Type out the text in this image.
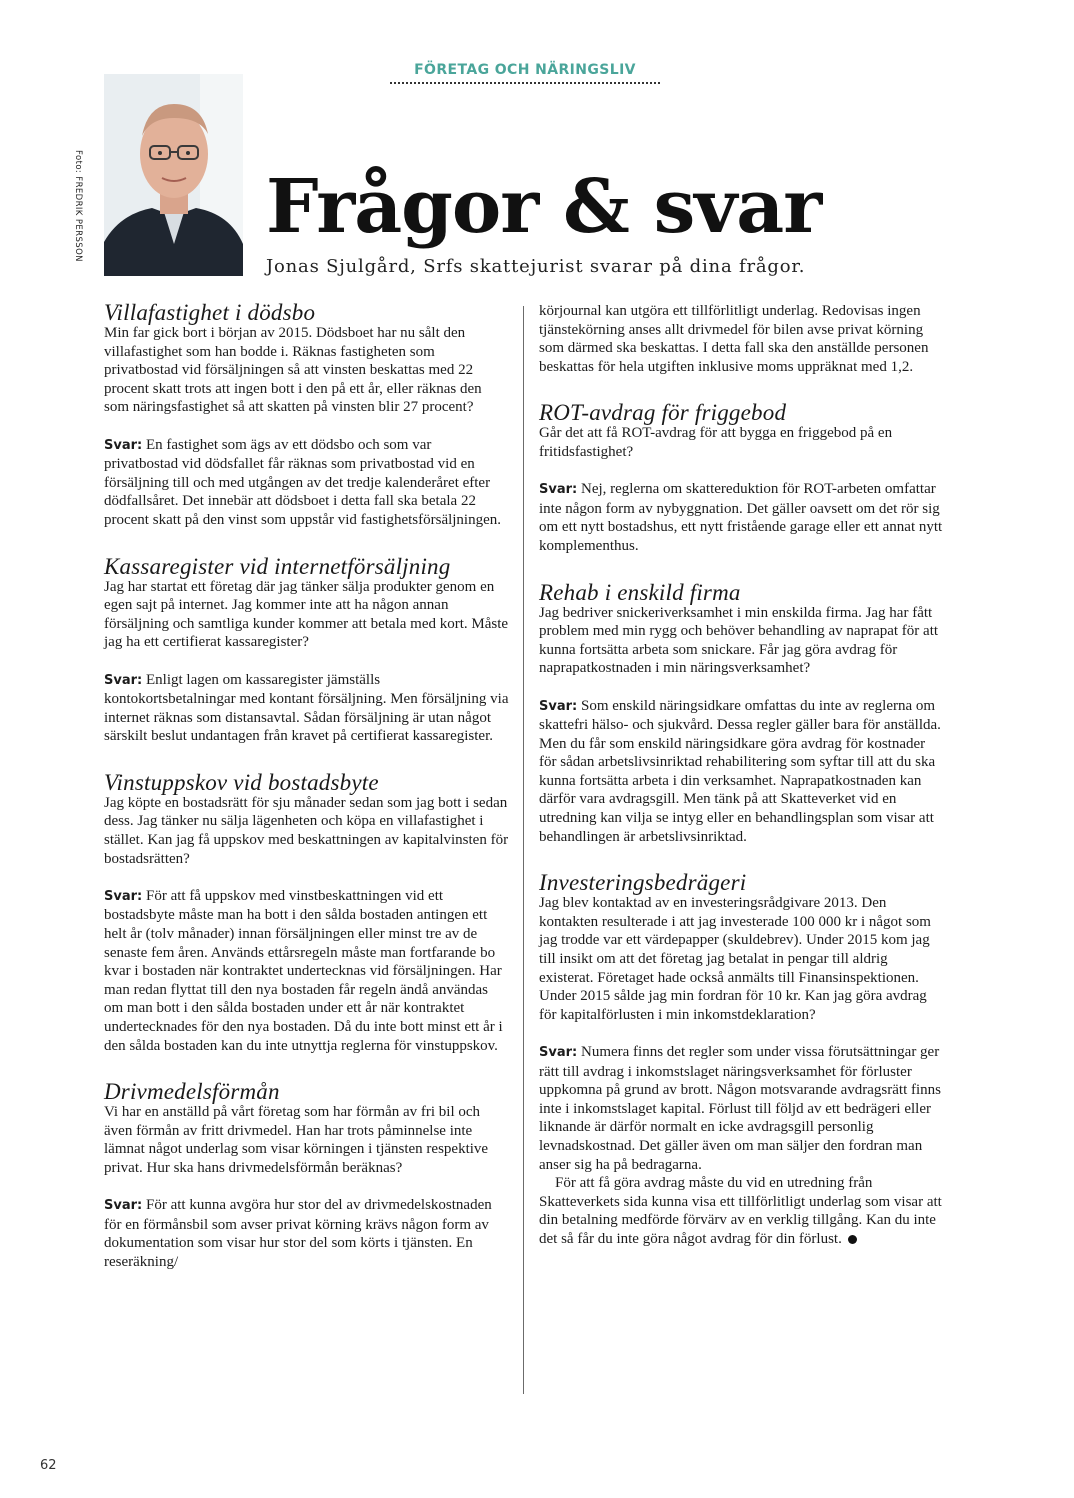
FÖRETAG OCH NÄRINGSLIV
Foto: FREDRIK PERSSON Frågor & svar
Jonas Sjulgård, Srfs skattejurist svarar på dina frågor.
Villafastighet i dödsbo

Min far gick bort i början av 2015. Dödsboet har nu sålt den villafastighet som han bodde i. Räknas fastigheten som privatbostad vid försäljningen så att vinsten beskattas med 22 procent skatt trots att ingen bott i den på ett år, eller räknas den som näringsfastighet så att skatten på vinsten blir 27 procent?

Svar: En fastighet som ägs av ett dödsbo och som var privatbostad vid dödsfallet får räknas som privatbostad vid en försäljning till och med utgången av det tredje kalenderåret efter dödfallsåret. Det innebär att dödsboet i detta fall ska betala 22 procent skatt på den vinst som uppstår vid fastighetsförsäljningen.

Kassaregister vid internetförsäljning

Jag har startat ett företag där jag tänker sälja produkter genom en egen sajt på internet. Jag kommer inte att ha någon annan försäljning och samtliga kunder kommer att betala med kort. Måste jag ha ett certifierat kassaregister?

Svar: Enligt lagen om kassaregister jämställs kontokortsbetalningar med kontant försäljning. Men försäljning via internet räknas som distansavtal. Sådan försäljning är utan något särskilt beslut undantagen från kravet på certifierat kassaregister.

Vinstuppskov vid bostadsbyte

Jag köpte en bostadsrätt för sju månader sedan som jag bott i sedan dess. Jag tänker nu sälja lägenheten och köpa en villafastighet i stället. Kan jag få uppskov med beskattningen av kapitalvinsten för bostadsrätten?

Svar: För att få uppskov med vinstbeskattningen vid ett bostadsbyte måste man ha bott i den sålda bostaden antingen ett helt år (tolv månader) innan försäljningen eller minst tre av de senaste fem åren. Används ettårsregeln måste man fortfarande bo kvar i bostaden när kontraktet undertecknas vid försäljningen. Har man redan flyttat till den nya bostaden får regeln ändå användas om man bott i den sålda bostaden under ett år när kontraktet undertecknades för den nya bostaden. Då du inte bott minst ett år i den sålda bostaden kan du inte utnyttja reglerna för vinstuppskov.

Drivmedelsförmån

Vi har en anställd på vårt företag som har förmån av fri bil och även förmån av fritt drivmedel. Han har trots påminnelse inte lämnat något underlag som visar körningen i tjänsten respektive privat. Hur ska hans drivmedelsförmån beräknas?

Svar: För att kunna avgöra hur stor del av drivmedelskostnaden för en förmånsbil som avser privat körning krävs någon form av dokumentation som visar hur stor del som körts i tjänsten. En reseräkning/

körjournal kan utgöra ett tillförlitligt underlag. Redovisas ingen tjänstekörning anses allt drivmedel för bilen avse privat körning som därmed ska beskattas. I detta fall ska den anställde personen beskattas för hela utgiften inklusive moms uppräknat med 1,2.

ROT-avdrag för friggebod

Går det att få ROT-avdrag för att bygga en friggebod på en fritidsfastighet?

Svar: Nej, reglerna om skattereduktion för ROT-arbeten omfattar inte någon form av nybyggnation. Det gäller oavsett om det rör sig om ett nytt bostadshus, ett nytt fristående garage eller ett annat nytt komplementhus.

Rehab i enskild firma

Jag bedriver snickeriverksamhet i min enskilda firma. Jag har fått problem med min rygg och behöver behandling av naprapat för att kunna fortsätta arbeta som snickare. Får jag göra avdrag för naprapatkostnaden i min näringsverksamhet?

Svar: Som enskild näringsidkare omfattas du inte av reglerna om skattefri hälso- och sjukvård. Dessa regler gäller bara för anställda. Men du får som enskild näringsidkare göra avdrag för kostnader för sådan arbetslivsinriktad rehabilitering som syftar till att du ska kunna fortsätta arbeta i din verksamhet. Naprapatkostnaden kan därför vara avdragsgill. Men tänk på att Skatteverket vid en utredning kan vilja se intyg eller en behandlingsplan som visar att behandlingen är arbetslivsinriktad.

Investeringsbedrägeri

Jag blev kontaktad av en investeringsrådgivare 2013. Den kontakten resulterade i att jag investerade 100 000 kr i något som jag trodde var ett värdepapper (skuldebrev). Under 2015 kom jag till insikt om att det företag jag betalat in pengar till aldrig existerat. Företaget hade också anmälts till Finansinspektionen. Under 2015 sålde jag min fordran för 10 kr. Kan jag göra avdrag för kapitalförlusten i min inkomstdeklaration?

Svar: Numera finns det regler som under vissa förutsättningar ger rätt till avdrag i inkomstslaget näringsverksamhet för förluster uppkomna på grund av brott. Någon motsvarande avdragsrätt finns inte i inkomstslaget kapital. Förlust till följd av ett bedrägeri eller liknande är därför normalt en icke avdragsgill personlig levnadskostnad. Det gäller även om man säljer den fordran man anser sig ha på bedragarna.

För att få göra avdrag måste du vid en utredning från Skatteverkets sida kunna visa ett tillförlitligt underlag som visar att din betalning medförde förvärv av en verklig tillgång. Kan du inte det så får du inte göra något avdrag för din förlust.

62
